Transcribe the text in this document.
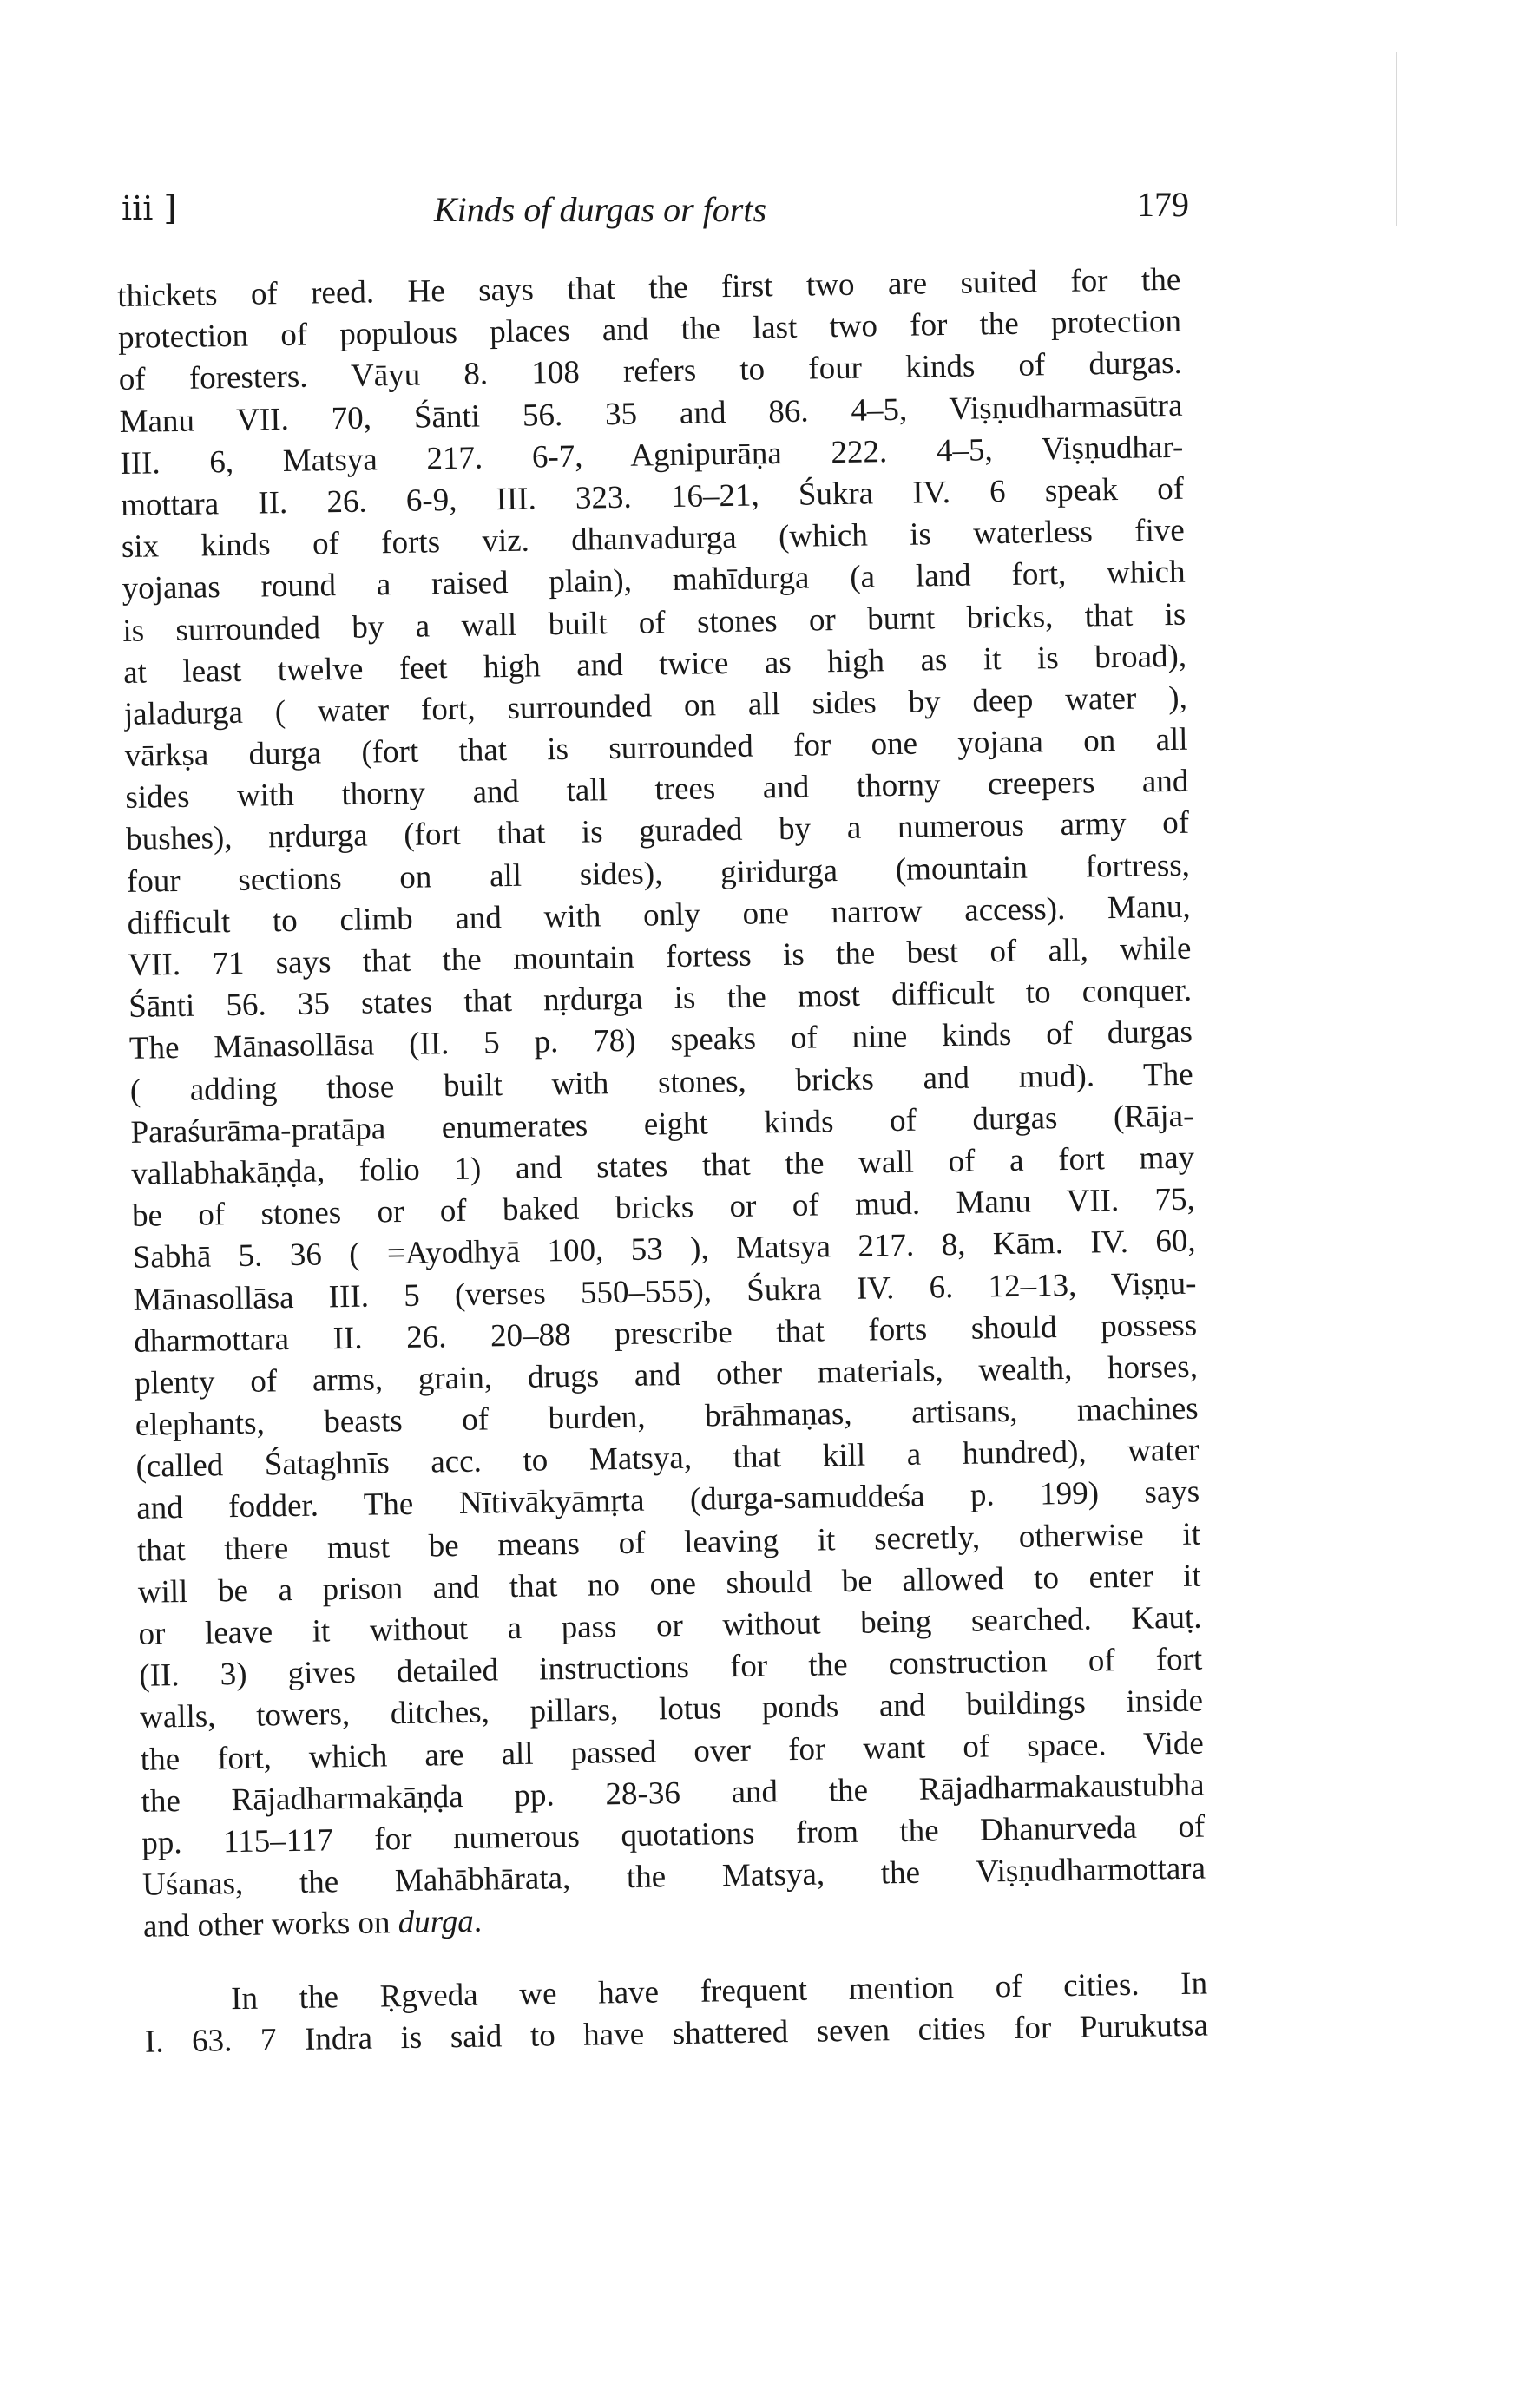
iii ]	Kinds of durgas or forts	179
thickets of reed. He says that the first two are suited for the
protection of populous places and the last two for the protection
of foresters. Vāyu 8. 108 refers to four kinds of durgas.
Manu VII. 70, Śānti 56. 35 and 86. 4–5, Viṣṇudharmasūtra
III. 6, Matsya 217. 6-7, Agnipurāṇa 222. 4–5, Viṣṇudhar-
mottara II. 26. 6-9, III. 323. 16–21, Śukra IV. 6 speak of
six kinds of forts viz. dhanvadurga (which is waterless five
yojanas round a raised plain), mahīdurga (a land fort, which
is surrounded by a wall built of stones or burnt bricks, that is
at least twelve feet high and twice as high as it is broad),
jaladurga ( water fort, surrounded on all sides by deep water ),
vārkṣa durga (fort that is surrounded for one yojana on all
sides with thorny and tall trees and thorny creepers and
bushes), nṛdurga (fort that is guraded by a numerous army of
four sections on all sides), giridurga (mountain fortress,
difficult to climb and with only one narrow access). Manu,
VII. 71 says that the mountain fortess is the best of all, while
Śānti 56. 35 states that nṛdurga is the most difficult to conquer.
The Mānasollāsa (II. 5 p. 78) speaks of nine kinds of durgas
( adding those built with stones, bricks and mud). The
Paraśurāma-pratāpa enumerates eight kinds of durgas (Rāja-
vallabhakāṇḍa, folio 1) and states that the wall of a fort may
be of stones or of baked bricks or of mud. Manu VII. 75,
Sabhā 5. 36 ( =Ayodhyā 100, 53 ), Matsya 217. 8, Kām. IV. 60,
Mānasollāsa III. 5 (verses 550–555), Śukra IV. 6. 12–13, Viṣṇu-
dharmottara II. 26. 20–88 prescribe that forts should possess
plenty of arms, grain, drugs and other materials, wealth, horses,
elephants, beasts of burden, brāhmaṇas, artisans, machines
(called Śataghnīs acc. to Matsya, that kill a hundred), water
and fodder. The Nītivākyāmṛta (durga-samuddeśa p. 199) says
that there must be means of leaving it secretly, otherwise it
will be a prison and that no one should be allowed to enter it
or leave it without a pass or without being searched. Kauṭ.
(II. 3) gives detailed instructions for the construction of fort
walls, towers, ditches, pillars, lotus ponds and buildings inside
the fort, which are all passed over for want of space. Vide
the Rājadharmakāṇḍa pp. 28-36 and the Rājadharmakaustubha
pp. 115–117 for numerous quotations from the Dhanurveda of
Uśanas, the Mahābhārata, the Matsya, the Viṣṇudharmottara
and other works on durga.
In the Ṛgveda we have frequent mention of cities. In
I. 63. 7 Indra is said to have shattered seven cities for Purukutsa
